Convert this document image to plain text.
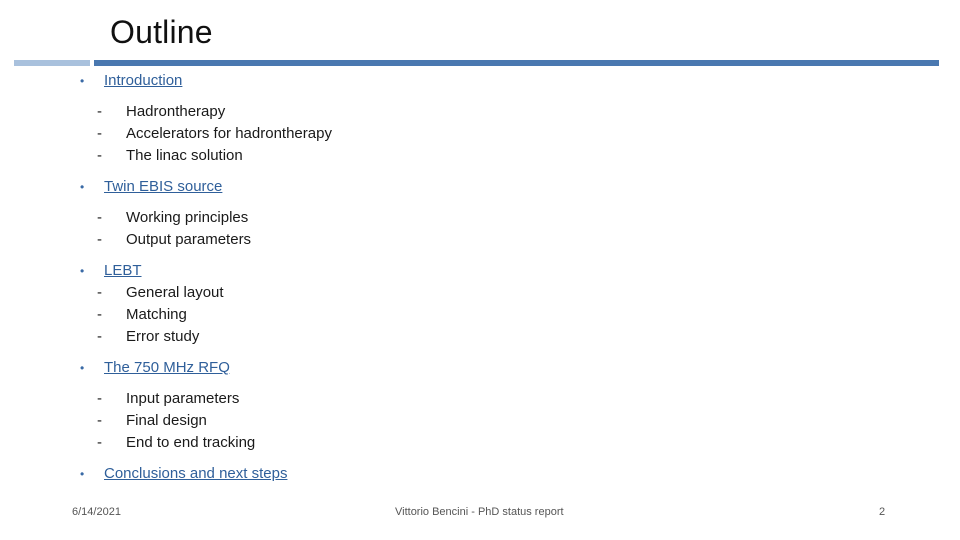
Outline
•	Introduction
-	Hadrontherapy
-	Accelerators for hadrontherapy
-	The linac solution
•	Twin EBIS source
-	Working principles
-	Output parameters
•	LEBT
-	General layout
-	Matching
-	Error study
•	The 750 MHz RFQ
-	Input parameters
-	Final design
-	End to end tracking
•	Conclusions and next steps
6/14/2021	Vittorio Bencini - PhD status report	2
